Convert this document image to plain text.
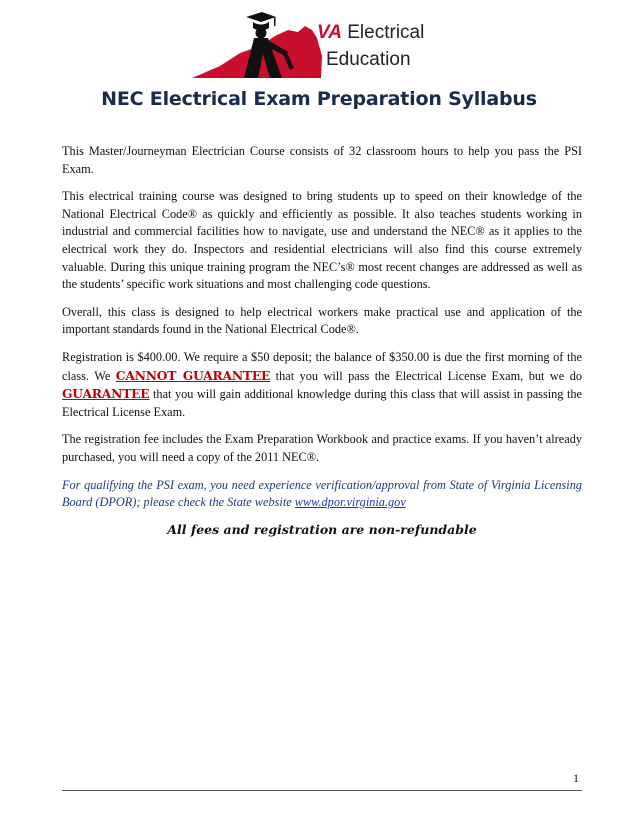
VA Electrical
Education
NEC Electrical Exam Preparation Syllabus

This Master/Journeyman Electrician Course consists of 32 classroom hours to help you pass the PSI Exam.

This electrical training course was designed to bring students up to speed on their knowledge of the National Electrical Code® as quickly and efficiently as possible. It also teaches students working in industrial and commercial facilities how to navigate, use and understand the NEC® as it applies to the electrical work they do. Inspectors and residential electricians will also find this course extremely valuable. During this unique training program the NEC’s® most recent changes are addressed as well as the students’ specific work situations and most challenging code questions.

Overall, this class is designed to help electrical workers make practical use and application of the important standards found in the National Electrical Code®.

Registration is $400.00. We require a $50 deposit; the balance of $350.00 is due the first morning of the class. We CANNOT GUARANTEE that you will pass the Electrical License Exam, but we do GUARANTEE that you will gain additional knowledge during this class that will assist in passing the Electrical License Exam.

The registration fee includes the Exam Preparation Workbook and practice exams. If you haven’t already purchased, you will need a copy of the 2011 NEC®.

For qualifying the PSI exam, you need experience verification/approval from State of Virginia Licensing Board (DPOR); please check the State website www.dpor.virginia.gov

All fees and registration are non-refundable
1
